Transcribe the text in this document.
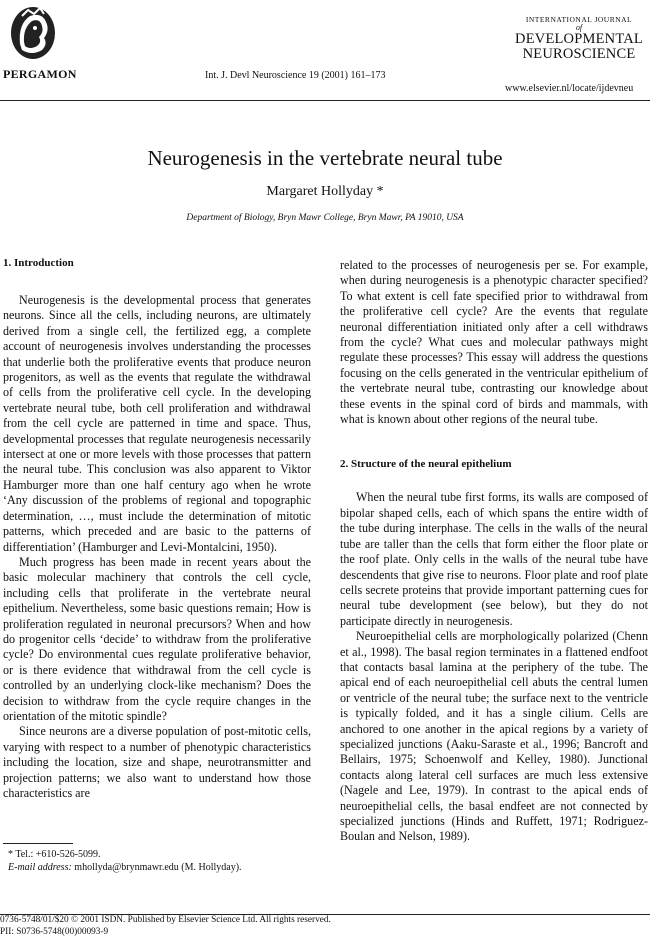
PERGAMON	Int. J. Devl Neuroscience 19 (2001) 161–173
INTERNATIONAL JOURNAL
of
DEVELOPMENTAL
NEUROSCIENCE
www.elsevier.nl/locate/ijdevneu
Neurogenesis in the vertebrate neural tube
Margaret Hollyday *
Department of Biology, Bryn Mawr College, Bryn Mawr, PA 19010, USA
1. Introduction

Neurogenesis is the developmental process that generates neurons. Since all the cells, including neurons, are ultimately derived from a single cell, the fertilized egg, a complete account of neurogenesis involves understanding the processes that underlie both the proliferative events that produce neuron progenitors, as well as the events that regulate the withdrawal of cells from the proliferative cell cycle. In the developing vertebrate neural tube, both cell proliferation and withdrawal from the cell cycle are patterned in time and space. Thus, developmental processes that regulate neurogenesis necessarily intersect at one or more levels with those processes that pattern the neural tube. This conclusion was also apparent to Viktor Hamburger more than one half century ago when he wrote ‘Any discussion of the problems of regional and topographic determination, …, must include the determination of mitotic patterns, which preceded and are basic to the patterns of differentiation’ (Hamburger and Levi-Montalcini, 1950).

Much progress has been made in recent years about the basic molecular machinery that controls the cell cycle, including cells that proliferate in the vertebrate neural epithelium. Nevertheless, some basic questions remain; How is proliferation regulated in neuronal precursors? When and how do progenitor cells ‘decide’ to withdraw from the proliferative cycle? Do environmental cues regulate proliferative behavior, or is there evidence that withdrawal from the cell cycle is controlled by an underlying clock-like mechanism? Does the decision to withdraw from the cycle require changes in the orientation of the mitotic spindle?

Since neurons are a diverse population of post-mitotic cells, varying with respect to a number of phenotypic characteristics including the location, size and shape, neurotransmitter and projection patterns; we also want to understand how those characteristics are

related to the processes of neurogenesis per se. For example, when during neurogenesis is a phenotypic character specified? To what extent is cell fate specified prior to withdrawal from the proliferative cell cycle? Are the events that regulate neuronal differentiation initiated only after a cell withdraws from the cycle? What cues and molecular pathways might regulate these processes? This essay will address the questions focusing on the cells generated in the ventricular epithelium of the vertebrate neural tube, contrasting our knowledge about these events in the spinal cord of birds and mammals, with what is known about other regions of the neural tube.

2. Structure of the neural epithelium

When the neural tube first forms, its walls are composed of bipolar shaped cells, each of which spans the entire width of the tube during interphase. The cells in the walls of the neural tube are taller than the cells that form either the floor plate or the roof plate. Only cells in the walls of the neural tube have descendents that give rise to neurons. Floor plate and roof plate cells secrete proteins that provide important patterning cues for neural tube development (see below), but they do not participate directly in neurogenesis.

Neuroepithelial cells are morphologically polarized (Chenn et al., 1998). The basal region terminates in a flattened endfoot that contacts basal lamina at the periphery of the tube. The apical end of each neuroepithelial cell abuts the central lumen or ventricle of the neural tube; the surface next to the ventricle is typically folded, and it has a single cilium. Cells are anchored to one another in the apical regions by a variety of specialized junctions (Aaku-Saraste et al., 1996; Bancroft and Bellairs, 1975; Schoenwolf and Kelley, 1980). Junctional contacts along lateral cell surfaces are much less extensive (Nagele and Lee, 1979). In contrast to the apical ends of neuroepithelial cells, the basal endfeet are not connected by specialized junctions (Hinds and Ruffett, 1971; Rodriguez-Boulan and Nelson, 1989).

* Tel.: +610-526-5099.
E-mail address: mhollyda@brynmawr.edu (M. Hollyday).
0736-5748/01/$20 © 2001 ISDN. Published by Elsevier Science Ltd. All rights reserved.
PII: S0736-5748(00)00093-9
